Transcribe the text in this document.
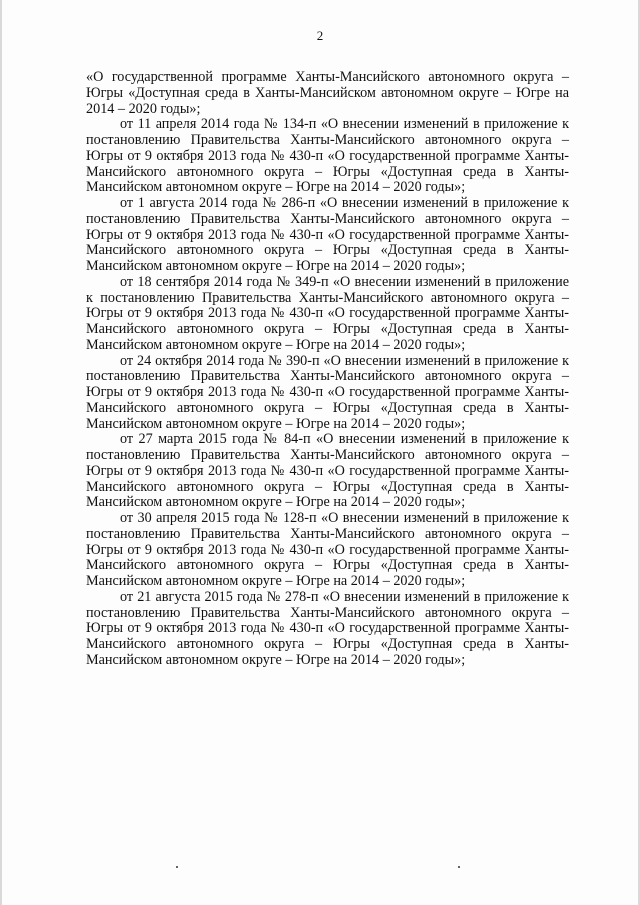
2

«О государственной программе Ханты-Мансийского автономного округа – Югры «Доступная среда в Ханты-Мансийском автономном округе – Югре на 2014 – 2020 годы»;

от 11 апреля 2014 года № 134-п «О внесении изменений в приложение к постановлению Правительства Ханты-Мансийского автономного округа – Югры от 9 октября 2013 года № 430-п «О государственной программе Ханты-Мансийского автономного округа – Югры «Доступная среда в Ханты-Мансийском автономном округе – Югре на 2014 – 2020 годы»;

от 1 августа 2014 года № 286-п «О внесении изменений в приложение к постановлению Правительства Ханты-Мансийского автономного округа – Югры от 9 октября 2013 года № 430-п «О государственной программе Ханты-Мансийского автономного округа – Югры «Доступная среда в Ханты-Мансийском автономном округе – Югре на 2014 – 2020 годы»;

от 18 сентября 2014 года № 349-п «О внесении изменений в приложение к постановлению Правительства Ханты-Мансийского автономного округа – Югры от 9 октября 2013 года № 430-п «О государственной программе Ханты-Мансийского автономного округа – Югры «Доступная среда в Ханты-Мансийском автономном округе – Югре на 2014 – 2020 годы»;

от 24 октября 2014 года № 390-п «О внесении изменений в приложение к постановлению Правительства Ханты-Мансийского автономного округа – Югры от 9 октября 2013 года № 430-п «О государственной программе Ханты-Мансийского автономного округа – Югры «Доступная среда в Ханты-Мансийском автономном округе – Югре на 2014 – 2020 годы»;

от 27 марта 2015 года № 84-п «О внесении изменений в приложение к постановлению Правительства Ханты-Мансийского автономного округа – Югры от 9 октября 2013 года № 430-п «О государственной программе Ханты-Мансийского автономного округа – Югры «Доступная среда в Ханты-Мансийском автономном округе – Югре на 2014 – 2020 годы»;

от 30 апреля 2015 года № 128-п «О внесении изменений в приложение к постановлению Правительства Ханты-Мансийского автономного округа – Югры от 9 октября 2013 года № 430-п «О государственной программе Ханты-Мансийского автономного округа – Югры «Доступная среда в Ханты-Мансийском автономном округе – Югре на 2014 – 2020 годы»;

от 21 августа 2015 года № 278-п «О внесении изменений в приложение к постановлению Правительства Ханты-Мансийского автономного округа – Югры от 9 октября 2013 года № 430-п «О государственной программе Ханты-Мансийского автономного округа – Югры «Доступная среда в Ханты-Мансийском автономном округе – Югре на 2014 – 2020 годы»;
